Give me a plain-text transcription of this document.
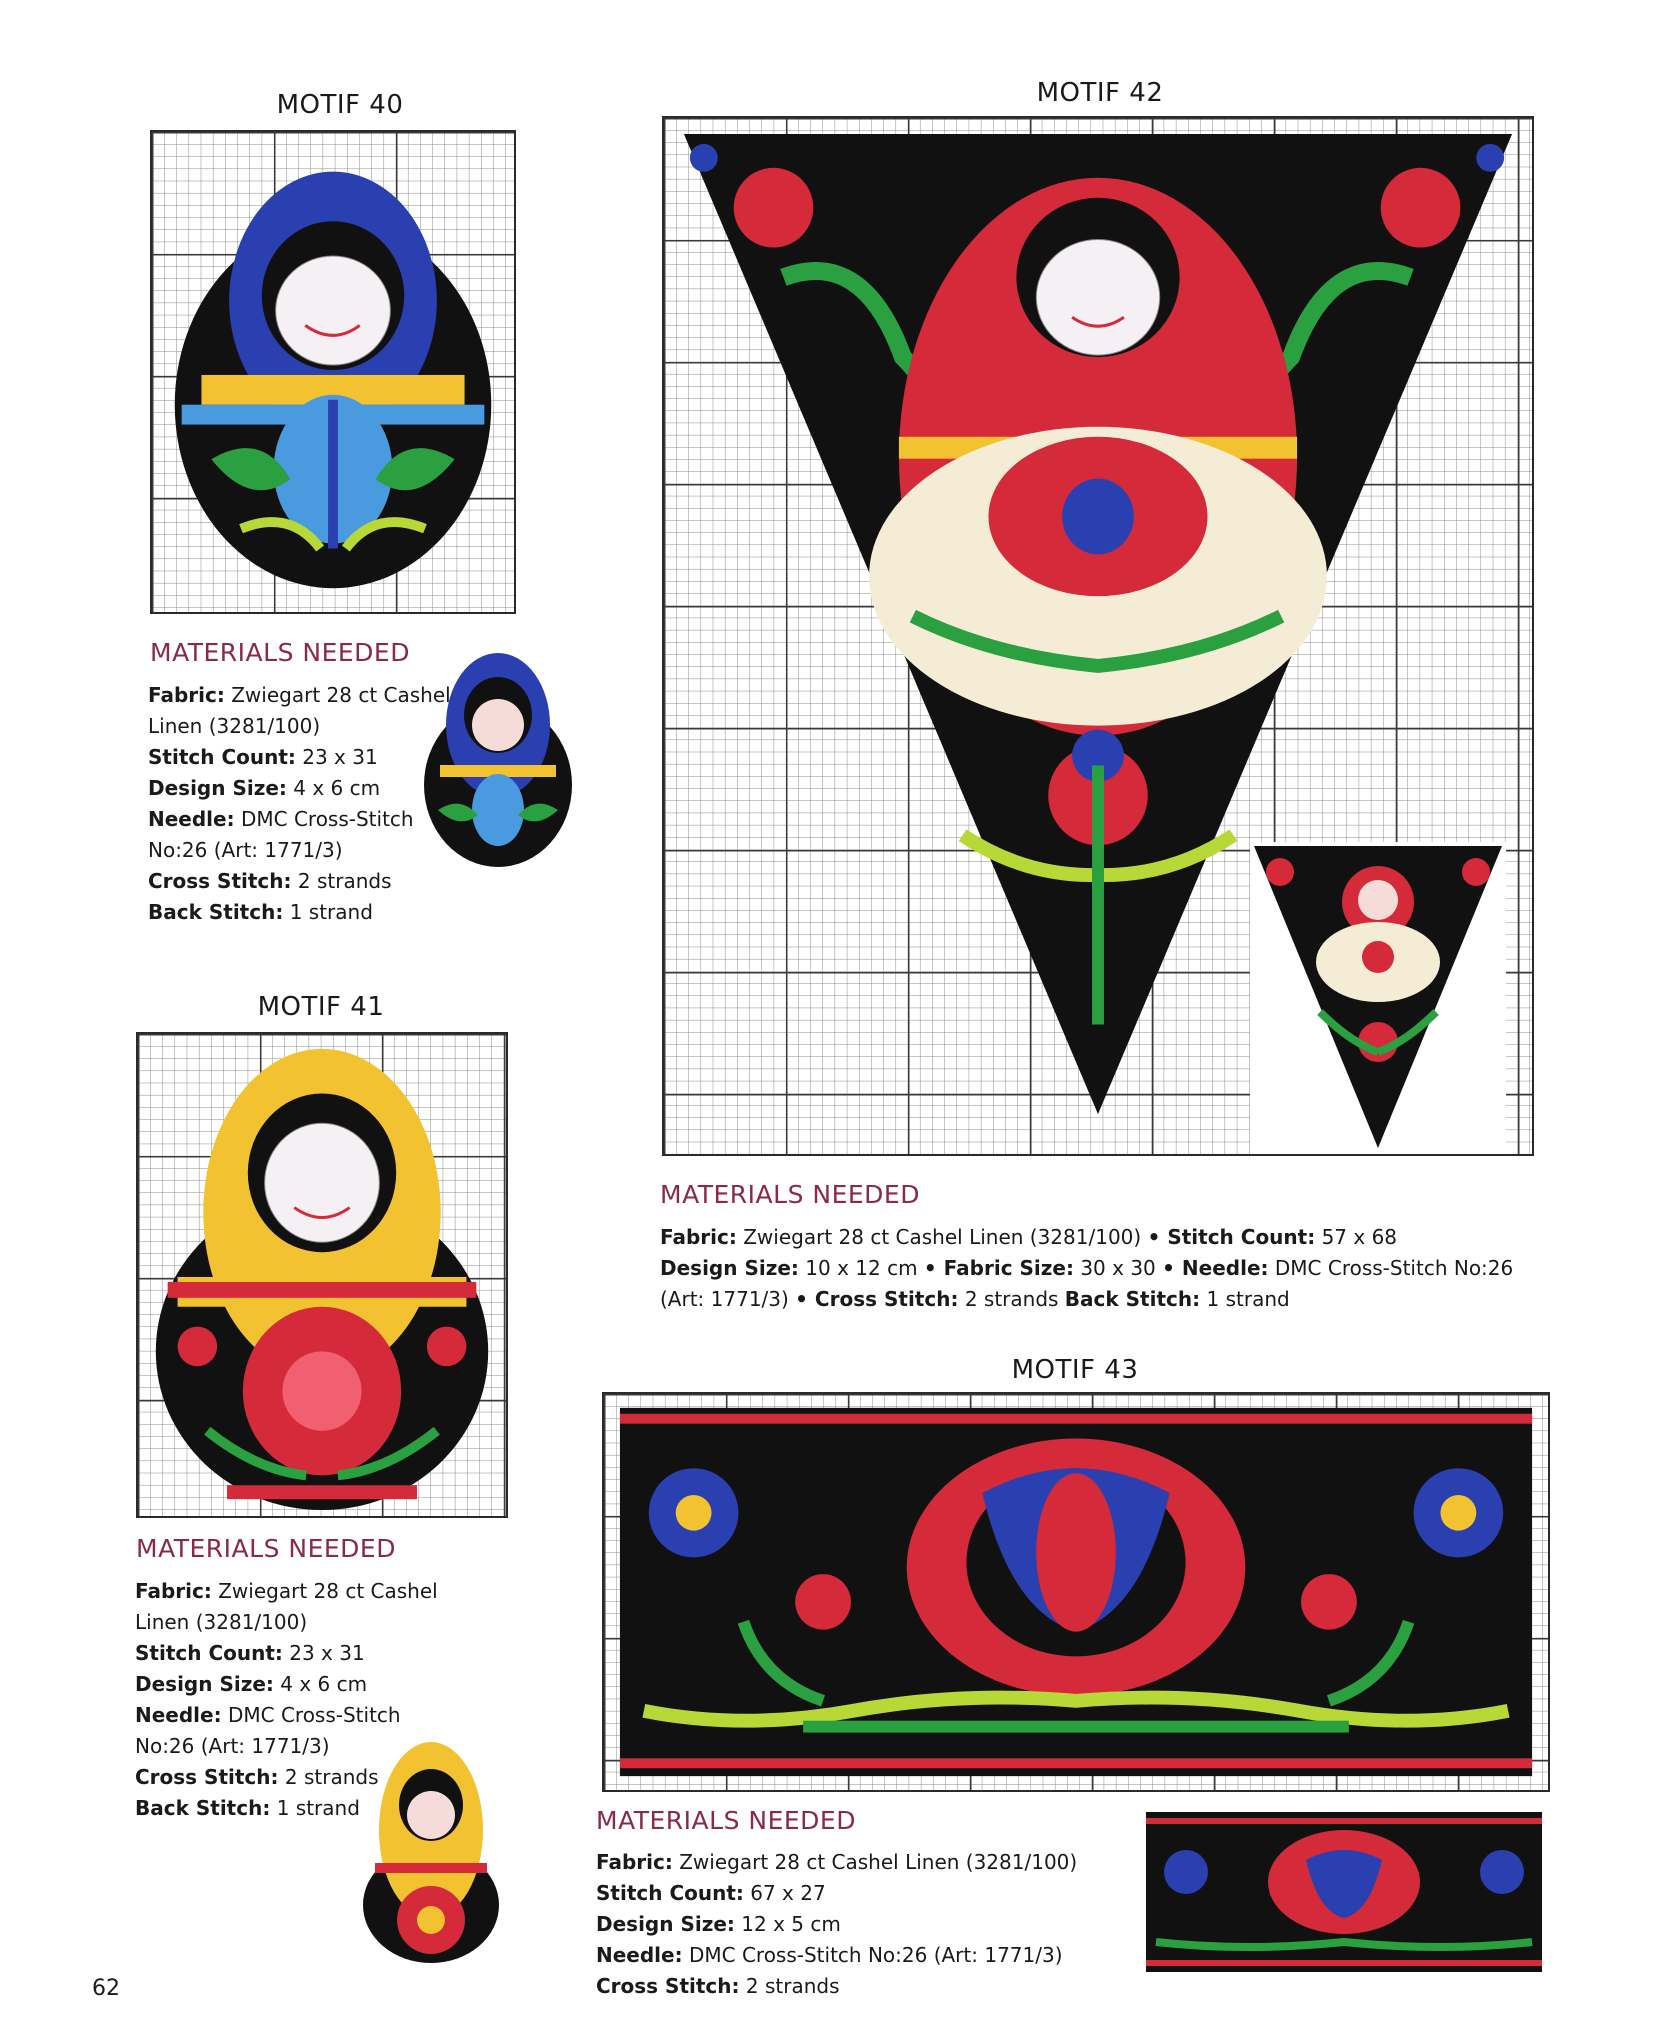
MOTIF 40
MATERIALS NEEDED
Fabric: Zwiegart 28 ct Cashel
Linen (3281/100)
Stitch Count: 23 x 31
Design Size: 4 x 6 cm
Needle: DMC Cross-Stitch
No:26 (Art: 1771/3)
Cross Stitch: 2 strands
Back Stitch: 1 strand
MOTIF 41
MATERIALS NEEDED
Fabric: Zwiegart 28 ct Cashel
Linen (3281/100)
Stitch Count: 23 x 31
Design Size: 4 x 6 cm
Needle: DMC Cross-Stitch
No:26 (Art: 1771/3)
Cross Stitch: 2 strands
Back Stitch: 1 strand
MOTIF 42
MATERIALS NEEDED
Fabric: Zwiegart 28 ct Cashel Linen (3281/100) • Stitch Count: 57 x 68
Design Size: 10 x 12 cm • Fabric Size: 30 x 30 • Needle: DMC Cross-Stitch No:26
(Art: 1771/3) • Cross Stitch: 2 strands Back Stitch: 1 strand
MOTIF 43
MATERIALS NEEDED
Fabric: Zwiegart 28 ct Cashel Linen (3281/100)
Stitch Count: 67 x 27
Design Size: 12 x 5 cm
Needle: DMC Cross-Stitch No:26 (Art: 1771/3)
Cross Stitch: 2 strands
62
